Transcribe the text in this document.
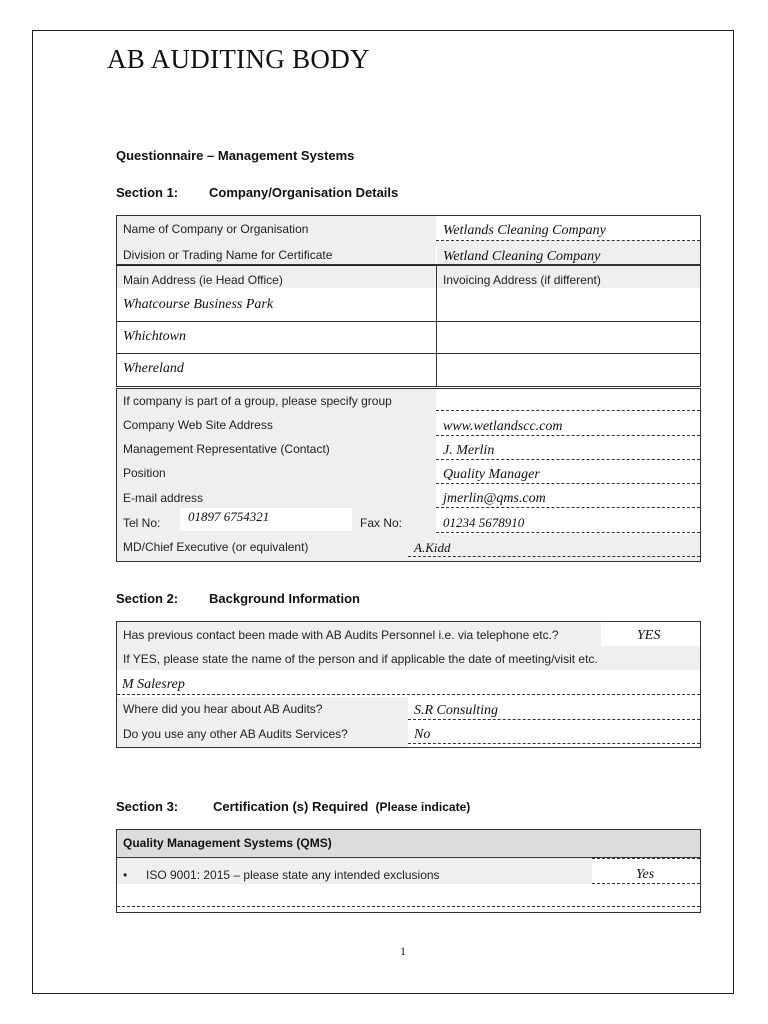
AB AUDITING BODY
Questionnaire – Management Systems
Section 1: Company/Organisation Details
Name of Company or Organisation	Wetlands Cleaning Company
Division or Trading Name for Certificate	Wetland Cleaning Company
Main Address (ie Head Office)	Invoicing Address (if different)
Whatcourse Business Park
Whichtown
Whereland
If company is part of a group, please specify group
Company Web Site Address	www.wetlandscc.com
Management Representative (Contact)	J. Merlin
Position	Quality Manager
E-mail address	jmerlin@qms.com
Tel No: 01897 6754321	Fax No:	01234 5678910
MD/Chief Executive (or equivalent)	A.Kidd
Section 2: Background Information
Has previous contact been made with AB Audits Personnel i.e. via telephone etc.?	YES
If YES, please state the name of the person and if applicable the date of meeting/visit etc.
M Salesrep
Where did you hear about AB Audits?	S.R Consulting
Do you use any other AB Audits Services?	No
Section 3:	Certification (s) Required (Please indicate)
Quality Management Systems (QMS)
• ISO 9001: 2015 – please state any intended exclusions	Yes
1
